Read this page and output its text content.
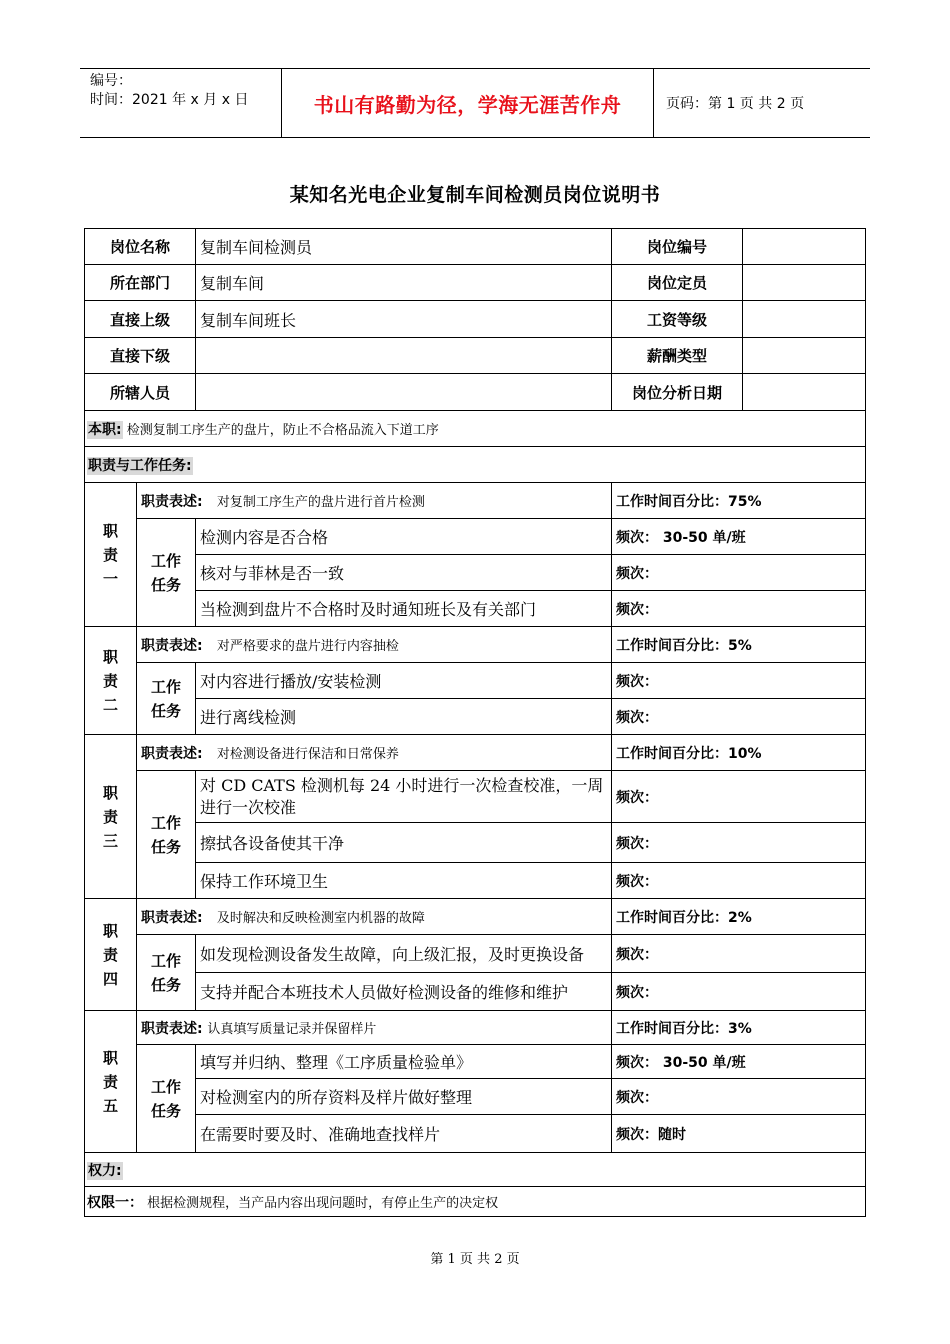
编号：
时间：2021 年 x 月 x 日	书山有路勤为径，学海无涯苦作舟	页码：第 1 页 共 2 页
某知名光电企业复制车间检测员岗位说明书
岗位名称		复制车间检测员	岗位编号	
所在部门		复制车间	岗位定员	
直接上级		复制车间班长	工资等级	
直接下级			薪酬类型	
所辖人员			岗位分析日期	
本职: 检测复制工序生产的盘片，防止不合格品流入下道工序				
职责与工作任务:				

职责一	职责表述: 对复制工序生产的盘片进行首片检测		工作时间百分比：75%	

	工作任务	检测内容是否合格	频次： 30-50 单/班	
		核对与菲林是否一致	频次：	
		当检测到盘片不合格时及时通知班长及有关部门	频次：	

职责二	职责表述: 对严格要求的盘片进行内容抽检		工作时间百分比：5%	

	工作任务	对内容进行播放/安装检测	频次：	
		进行离线检测	频次：	

职责三	职责表述: 对检测设备进行保洁和日常保养		工作时间百分比：10%	

	工作任务	对 CD CATS 检测机每 24 小时进行一次检查校准，一周进行一次校准	频次：	
		擦拭各设备使其干净	频次：	
		保持工作环境卫生	频次：	

职责四	职责表述: 及时解决和反映检测室内机器的故障		工作时间百分比：2%	

	工作任务	如发现检测设备发生故障，向上级汇报，及时更换设备	频次：	
		支持并配合本班技术人员做好检测设备的维修和维护	频次：	

职责五	职责表述: 认真填写质量记录并保留样片		工作时间百分比：3%	

	工作任务	填写并归纳、整理《工序质量检验单》	频次： 30-50 单/班	
		对检测室内的所存资料及样片做好整理	频次：	
		在需要时要及时、准确地查找样片	频次：随时	
权力:				
权限一： 根据检测规程，当产品内容出现问题时，有停止生产的决定权				
第 1 页 共 2 页
